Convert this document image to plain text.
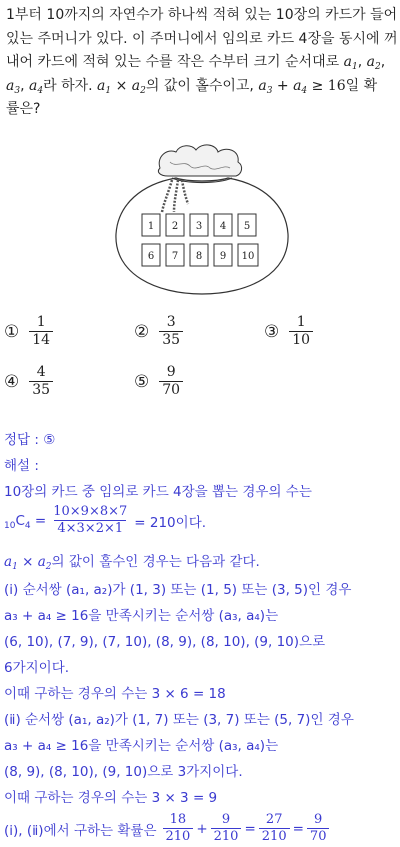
1부터 10까지의 자연수가 하나씩 적혀 있는 10장의 카드가 들어

있는 주머니가 있다. 이 주머니에서 임의로 카드 4장을 동시에 꺼

내어 카드에 적혀 있는 수를 작은 수부터 크기 순서대로 $a_1$, $a_2$,

$a_3$, $a_4$라 하자. $a_1 \times a_2$의 값이 홀수이고, $a_3 + a_4 \ge 16$일 확

률은?

1 2 3 4 5
6 7 8 9 10
① $\frac{1}{14}$	② $\frac{3}{35}$	③ $\frac{1}{10}$
④ $\frac{4}{35}$	⑤ $\frac{9}{70}$
정답 : ⑤
해설 :
10장의 카드 중 임의로 카드 4장을 뽑는 경우의 수는
$_{10}C_4 = \frac{10\times 9\times 8\times 7}{4\times 3\times 2\times 1} = 210$이다.
$a_1 \times a_2$의 값이 홀수인 경우는 다음과 같다.
(ⅰ) 순서쌍 (a₁, a₂)가 (1, 3) 또는 (1, 5) 또는 (3, 5)인 경우
a₃ + a₄ ≥ 16을 만족시키는 순서쌍 (a₃, a₄)는
(6, 10), (7, 9), (7, 10), (8, 9), (8, 10), (9, 10)으로
6가지이다.
이때 구하는 경우의 수는 3 × 6 = 18
(ⅱ) 순서쌍 (a₁, a₂)가 (1, 7) 또는 (3, 7) 또는 (5, 7)인 경우
a₃ + a₄ ≥ 16을 만족시키는 순서쌍 (a₃, a₄)는
(8, 9), (8, 10), (9, 10)으로 3가지이다.
이때 구하는 경우의 수는 3 × 3 = 9
(ⅰ), (ⅱ)에서 구하는 확률은 $\frac{18}{210} + \frac{9}{210} = \frac{27}{210} = \frac{9}{70}$
